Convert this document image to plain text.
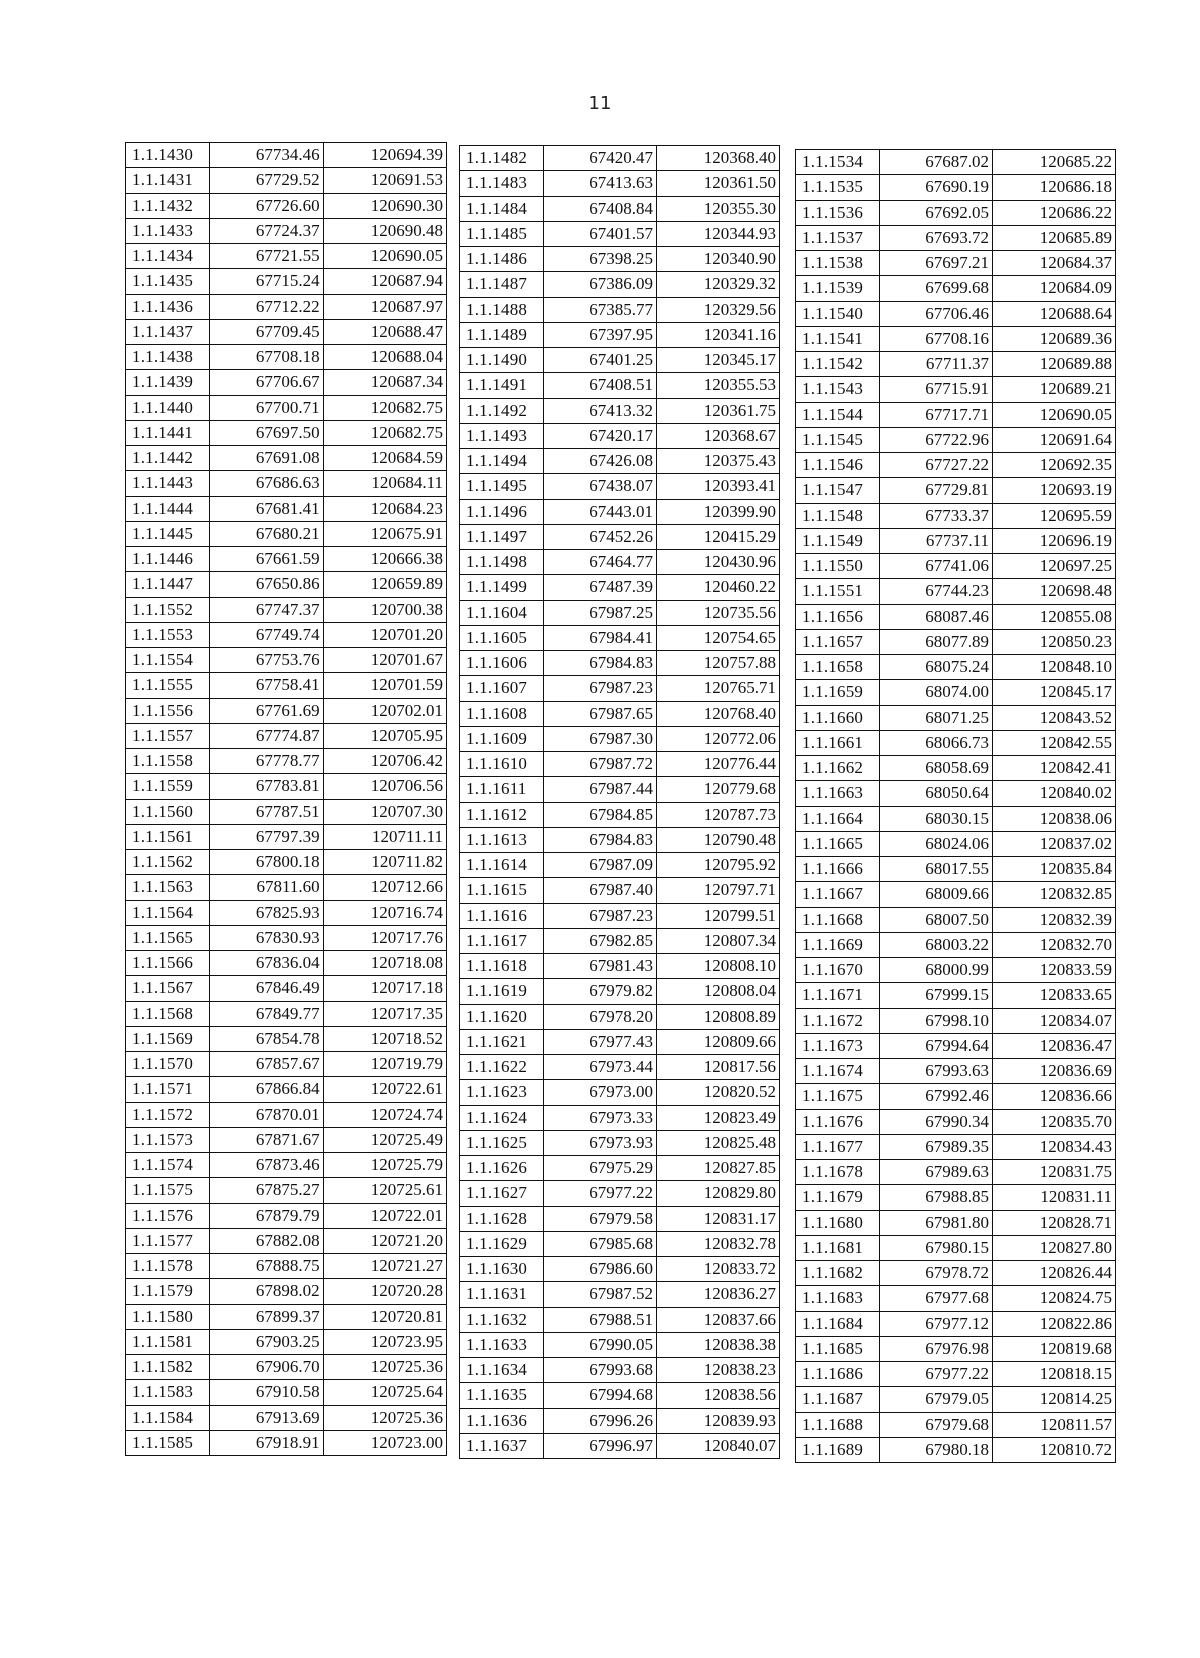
11
1.1.1430	67734.46	120694.39
1.1.1431	67729.52	120691.53
1.1.1432	67726.60	120690.30
1.1.1433	67724.37	120690.48
1.1.1434	67721.55	120690.05
1.1.1435	67715.24	120687.94
1.1.1436	67712.22	120687.97
1.1.1437	67709.45	120688.47
1.1.1438	67708.18	120688.04
1.1.1439	67706.67	120687.34
1.1.1440	67700.71	120682.75
1.1.1441	67697.50	120682.75
1.1.1442	67691.08	120684.59
1.1.1443	67686.63	120684.11
1.1.1444	67681.41	120684.23
1.1.1445	67680.21	120675.91
1.1.1446	67661.59	120666.38
1.1.1447	67650.86	120659.89
1.1.1552	67747.37	120700.38
1.1.1553	67749.74	120701.20
1.1.1554	67753.76	120701.67
1.1.1555	67758.41	120701.59
1.1.1556	67761.69	120702.01
1.1.1557	67774.87	120705.95
1.1.1558	67778.77	120706.42
1.1.1559	67783.81	120706.56
1.1.1560	67787.51	120707.30
1.1.1561	67797.39	120711.11
1.1.1562	67800.18	120711.82
1.1.1563	67811.60	120712.66
1.1.1564	67825.93	120716.74
1.1.1565	67830.93	120717.76
1.1.1566	67836.04	120718.08
1.1.1567	67846.49	120717.18
1.1.1568	67849.77	120717.35
1.1.1569	67854.78	120718.52
1.1.1570	67857.67	120719.79
1.1.1571	67866.84	120722.61
1.1.1572	67870.01	120724.74
1.1.1573	67871.67	120725.49
1.1.1574	67873.46	120725.79
1.1.1575	67875.27	120725.61
1.1.1576	67879.79	120722.01
1.1.1577	67882.08	120721.20
1.1.1578	67888.75	120721.27
1.1.1579	67898.02	120720.28
1.1.1580	67899.37	120720.81
1.1.1581	67903.25	120723.95
1.1.1582	67906.70	120725.36
1.1.1583	67910.58	120725.64
1.1.1584	67913.69	120725.36
1.1.1585	67918.91	120723.00
1.1.1482	67420.47	120368.40
1.1.1483	67413.63	120361.50
1.1.1484	67408.84	120355.30
1.1.1485	67401.57	120344.93
1.1.1486	67398.25	120340.90
1.1.1487	67386.09	120329.32
1.1.1488	67385.77	120329.56
1.1.1489	67397.95	120341.16
1.1.1490	67401.25	120345.17
1.1.1491	67408.51	120355.53
1.1.1492	67413.32	120361.75
1.1.1493	67420.17	120368.67
1.1.1494	67426.08	120375.43
1.1.1495	67438.07	120393.41
1.1.1496	67443.01	120399.90
1.1.1497	67452.26	120415.29
1.1.1498	67464.77	120430.96
1.1.1499	67487.39	120460.22
1.1.1604	67987.25	120735.56
1.1.1605	67984.41	120754.65
1.1.1606	67984.83	120757.88
1.1.1607	67987.23	120765.71
1.1.1608	67987.65	120768.40
1.1.1609	67987.30	120772.06
1.1.1610	67987.72	120776.44
1.1.1611	67987.44	120779.68
1.1.1612	67984.85	120787.73
1.1.1613	67984.83	120790.48
1.1.1614	67987.09	120795.92
1.1.1615	67987.40	120797.71
1.1.1616	67987.23	120799.51
1.1.1617	67982.85	120807.34
1.1.1618	67981.43	120808.10
1.1.1619	67979.82	120808.04
1.1.1620	67978.20	120808.89
1.1.1621	67977.43	120809.66
1.1.1622	67973.44	120817.56
1.1.1623	67973.00	120820.52
1.1.1624	67973.33	120823.49
1.1.1625	67973.93	120825.48
1.1.1626	67975.29	120827.85
1.1.1627	67977.22	120829.80
1.1.1628	67979.58	120831.17
1.1.1629	67985.68	120832.78
1.1.1630	67986.60	120833.72
1.1.1631	67987.52	120836.27
1.1.1632	67988.51	120837.66
1.1.1633	67990.05	120838.38
1.1.1634	67993.68	120838.23
1.1.1635	67994.68	120838.56
1.1.1636	67996.26	120839.93
1.1.1637	67996.97	120840.07
1.1.1534	67687.02	120685.22
1.1.1535	67690.19	120686.18
1.1.1536	67692.05	120686.22
1.1.1537	67693.72	120685.89
1.1.1538	67697.21	120684.37
1.1.1539	67699.68	120684.09
1.1.1540	67706.46	120688.64
1.1.1541	67708.16	120689.36
1.1.1542	67711.37	120689.88
1.1.1543	67715.91	120689.21
1.1.1544	67717.71	120690.05
1.1.1545	67722.96	120691.64
1.1.1546	67727.22	120692.35
1.1.1547	67729.81	120693.19
1.1.1548	67733.37	120695.59
1.1.1549	67737.11	120696.19
1.1.1550	67741.06	120697.25
1.1.1551	67744.23	120698.48
1.1.1656	68087.46	120855.08
1.1.1657	68077.89	120850.23
1.1.1658	68075.24	120848.10
1.1.1659	68074.00	120845.17
1.1.1660	68071.25	120843.52
1.1.1661	68066.73	120842.55
1.1.1662	68058.69	120842.41
1.1.1663	68050.64	120840.02
1.1.1664	68030.15	120838.06
1.1.1665	68024.06	120837.02
1.1.1666	68017.55	120835.84
1.1.1667	68009.66	120832.85
1.1.1668	68007.50	120832.39
1.1.1669	68003.22	120832.70
1.1.1670	68000.99	120833.59
1.1.1671	67999.15	120833.65
1.1.1672	67998.10	120834.07
1.1.1673	67994.64	120836.47
1.1.1674	67993.63	120836.69
1.1.1675	67992.46	120836.66
1.1.1676	67990.34	120835.70
1.1.1677	67989.35	120834.43
1.1.1678	67989.63	120831.75
1.1.1679	67988.85	120831.11
1.1.1680	67981.80	120828.71
1.1.1681	67980.15	120827.80
1.1.1682	67978.72	120826.44
1.1.1683	67977.68	120824.75
1.1.1684	67977.12	120822.86
1.1.1685	67976.98	120819.68
1.1.1686	67977.22	120818.15
1.1.1687	67979.05	120814.25
1.1.1688	67979.68	120811.57
1.1.1689	67980.18	120810.72
